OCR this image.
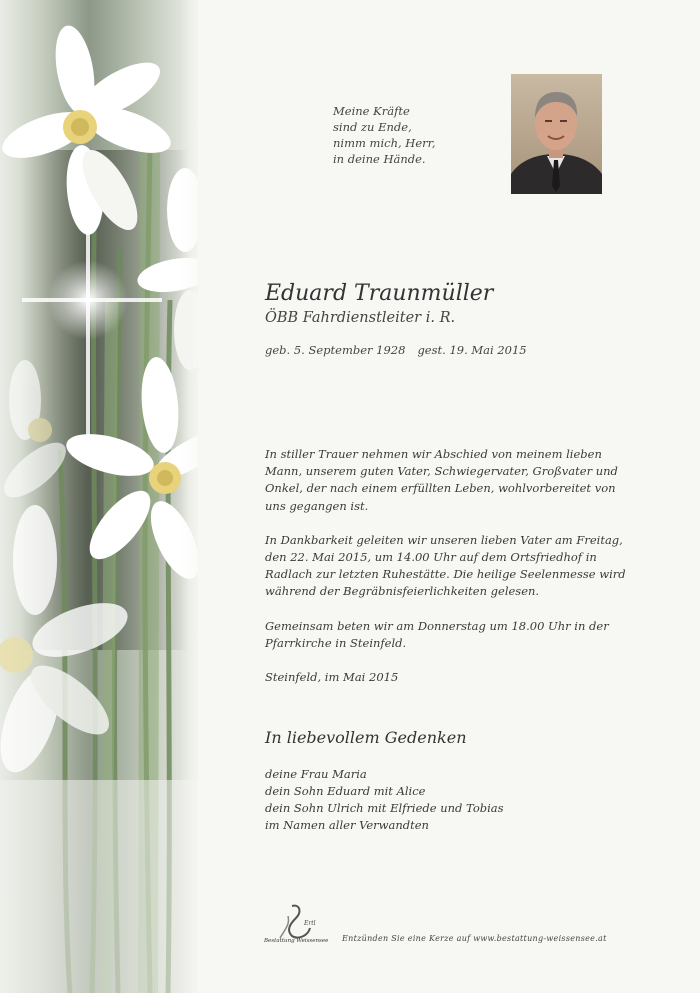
Meine Kräfte
sind zu Ende,
nimm mich, Herr,
in deine Hände.
Eduard Traunmüller
ÖBB Fahrdienstleiter i. R.
geb. 5. September 1928 gest. 19. Mai 2015
In stiller Trauer nehmen wir Abschied von meinem lieben
Mann, unserem guten Vater, Schwiegervater, Großvater und
Onkel, der nach einem erfüllten Leben, wohlvorbereitet von
uns gegangen ist.
In Dankbarkeit geleiten wir unseren lieben Vater am Freitag,
den 22. Mai 2015, um 14.00 Uhr auf dem Ortsfriedhof in
Radlach zur letzten Ruhestätte. Die heilige Seelenmesse wird
während der Begräbnisfeierlichkeiten gelesen.
Gemeinsam beten wir am Donnerstag um 18.00 Uhr in der
Pfarrkirche in Steinfeld.
Steinfeld, im Mai 2015
In liebevollem Gedenken
deine Frau Maria
dein Sohn Eduard mit Alice
dein Sohn Ulrich mit Elfriede und Tobias
im Namen aller Verwandten
Ertl
Bestattung Weissensee Entzünden Sie eine Kerze auf www.bestattung-weissensee.at
